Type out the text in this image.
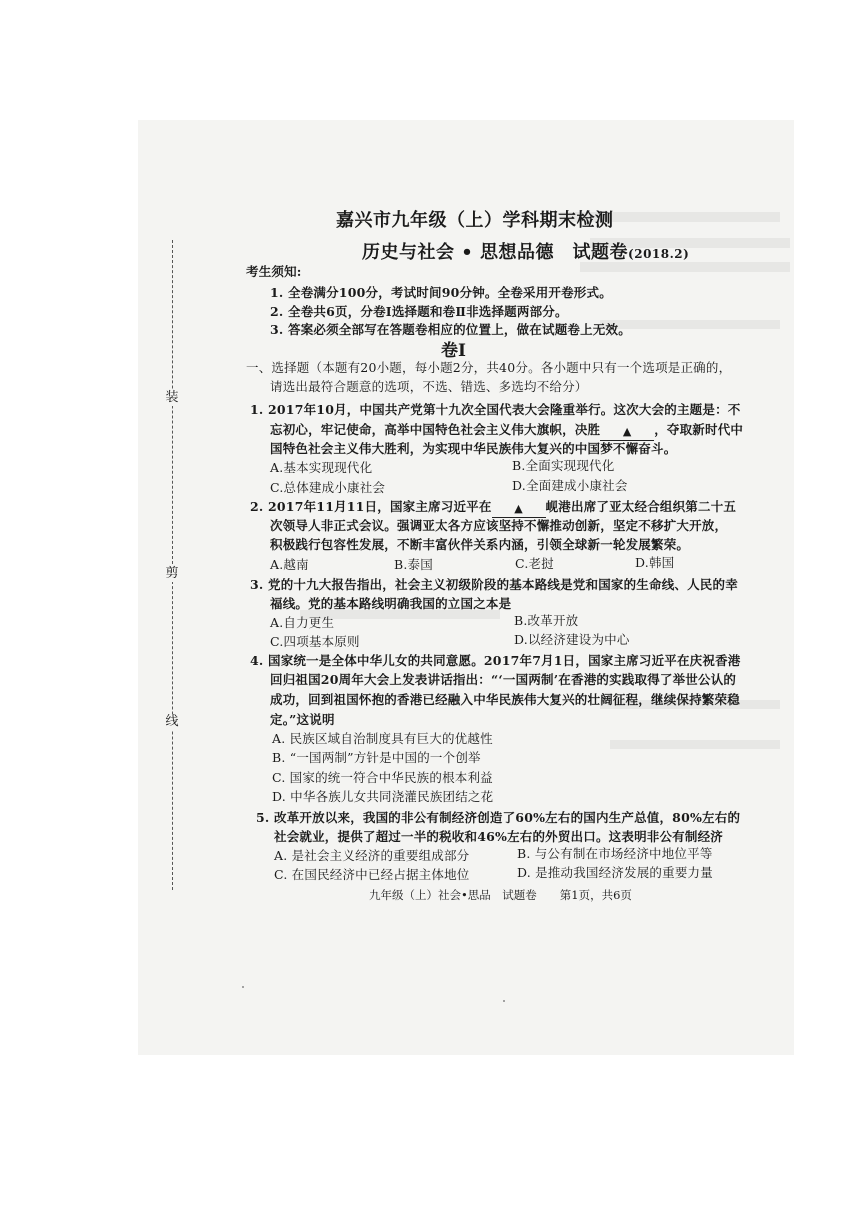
装
剪
线
嘉兴市九年级（上）学科期末检测
历史与社会 • 思想品德　试题卷(2018.2)
考生须知:
1. 全卷满分100分，考试时间90分钟。全卷采用开卷形式。
2. 全卷共6页，分卷Ⅰ选择题和卷Ⅱ非选择题两部分。
3. 答案必须全部写在答题卷相应的位置上，做在试题卷上无效。
卷Ⅰ
一、选择题（本题有20小题，每小题2分，共40分。各小题中只有一个选项是正确的，
请选出最符合题意的选项，不选、错选、多选均不给分）
1. 2017年10月，中国共产党第十九次全国代表大会隆重举行。这次大会的主题是：不
忘初心，牢记使命，高举中国特色社会主义伟大旗帜，决胜 ▲ ，夺取新时代中
国特色社会主义伟大胜利，为实现中华民族伟大复兴的中国梦不懈奋斗。
A.基本实现现代化	B.全面实现现代化
C.总体建成小康社会	D.全面建成小康社会
2. 2017年11月11日，国家主席习近平在 ▲ 岘港出席了亚太经合组织第二十五
次领导人非正式会议。强调亚太各方应该坚持不懈推动创新，坚定不移扩大开放，
积极践行包容性发展，不断丰富伙伴关系内涵，引领全球新一轮发展繁荣。
A.越南	B.泰国	C.老挝	D.韩国
3. 党的十九大报告指出，社会主义初级阶段的基本路线是党和国家的生命线、人民的幸
福线。党的基本路线明确我国的立国之本是
A.自力更生	B.改革开放
C.四项基本原则	D.以经济建设为中心
4. 国家统一是全体中华儿女的共同意愿。2017年7月1日，国家主席习近平在庆祝香港
回归祖国20周年大会上发表讲话指出：“‘一国两制’在香港的实践取得了举世公认的
成功，回到祖国怀抱的香港已经融入中华民族伟大复兴的壮阔征程，继续保持繁荣稳
定。”这说明
A. 民族区域自治制度具有巨大的优越性
B. “一国两制”方针是中国的一个创举
C. 国家的统一符合中华民族的根本利益
D. 中华各族儿女共同浇灌民族团结之花
5. 改革开放以来，我国的非公有制经济创造了60%左右的国内生产总值，80%左右的
社会就业，提供了超过一半的税收和46%左右的外贸出口。这表明非公有制经济
A. 是社会主义经济的重要组成部分	B. 与公有制在市场经济中地位平等
C. 在国民经济中已经占据主体地位	D. 是推动我国经济发展的重要力量
九年级（上）社会•思品　试题卷　　第1页，共6页
